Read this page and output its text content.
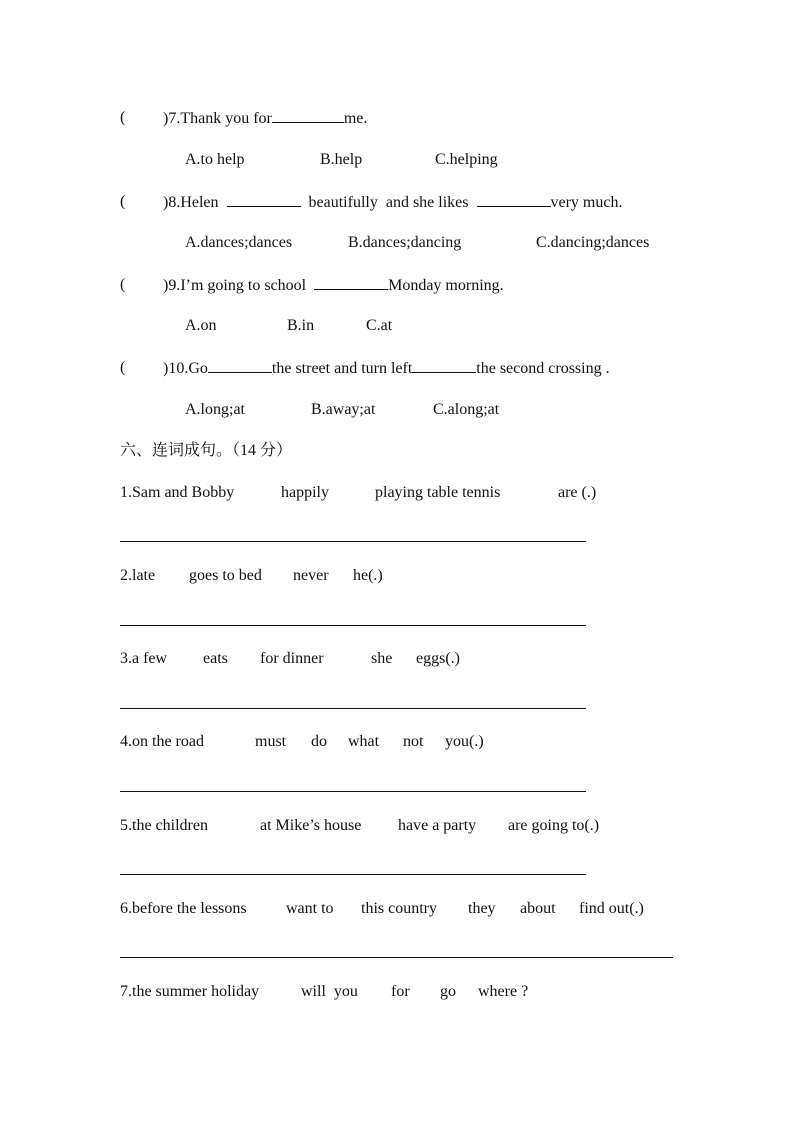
( )7.Thank you for	me.
A.to help	B.help	C.helping
( )8.Helen	beautifully  and she likes	very much.
A.dances;dances	B.dances;dancing	C.dancing;dances
( )9.I’m going to school	Monday morning.
A.on	B.in	C.at
( )10.Go	the street and turn left	the second crossing .
A.long;at	B.away;at	C.along;at
六、连词成句。（14 分）
1.Sam and Bobby	happily	playing table tennis	are (.)
2.late goes to bed never he(.)
3.a few eats for dinner	she eggs(.)
4.on the road	must do what not you(.)
5.the children	at Mike’s house have a party are going to(.)
6.before the lessons want to this country they about find out(.)
7.the summer holiday	will  you for go where ?
